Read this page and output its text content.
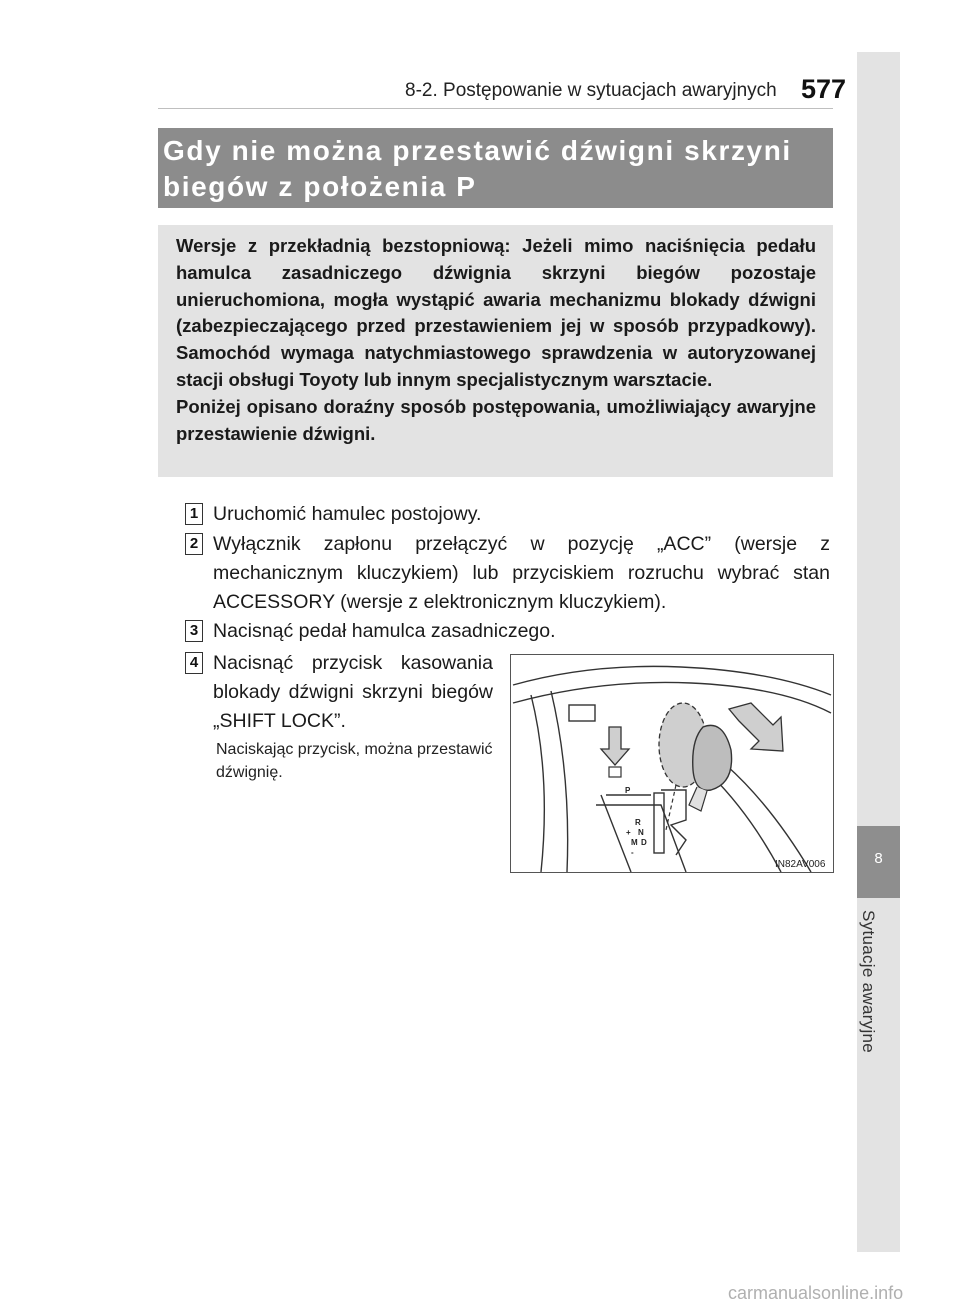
8-2. Postępowanie w sytuacjach awaryjnych 577
8
Sytuacje awaryjne
Gdy nie można przestawić dźwigni skrzyni
biegów z położenia P
Wersje z przekładnią bezstopniową: Jeżeli mimo naciśnięcia pedału hamulca zasadniczego dźwignia skrzyni biegów pozostaje unieruchomiona, mogła wystąpić awaria mechanizmu blokady dźwigni (zabezpieczającego przed przestawieniem jej w sposób przypadkowy). Samochód wymaga natychmiastowego sprawdzenia w autoryzowanej stacji obsługi Toyoty lub innym specjalistycznym warsztacie.
Poniżej opisano doraźny sposób postępowania, umożliwiający awaryjne przestawienie dźwigni.
1 Uruchomić hamulec postojowy.
2 Wyłącznik zapłonu przełączyć w pozycję „ACC” (wersje z mechanicznym kluczykiem) lub przyciskiem rozruchu wybrać stan ACCESSORY (wersje z elektronicznym kluczykiem).
3 Nacisnąć pedał hamulca zasadniczego.
4 Nacisnąć przycisk kasowania blokady dźwigni skrzyni biegów „SHIFT LOCK”.
Naciskając przycisk, można przestawić dźwignię.
P
R
N
D
M
+
-
IN82AV006
carmanualsonline.info
